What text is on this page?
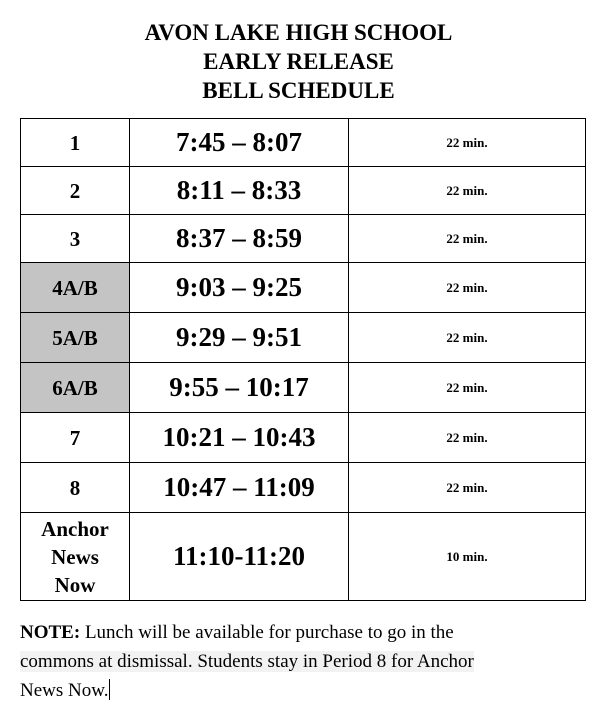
AVON LAKE HIGH SCHOOL
EARLY RELEASE
BELL SCHEDULE
1	7:45 – 8:07	22 min.
2	8:11 – 8:33	22 min.
3	8:37 – 8:59	22 min.
4A/B	9:03 – 9:25	22 min.
5A/B	9:29 – 9:51	22 min.
6A/B	9:55 – 10:17	22 min.
7	10:21 – 10:43	22 min.
8	10:47 – 11:09	22 min.

Anchor
News
Now	11:10-11:20	10 min.
NOTE: Lunch will be available for purchase to go in the
commons at dismissal. Students stay in Period 8 for Anchor
News Now.
